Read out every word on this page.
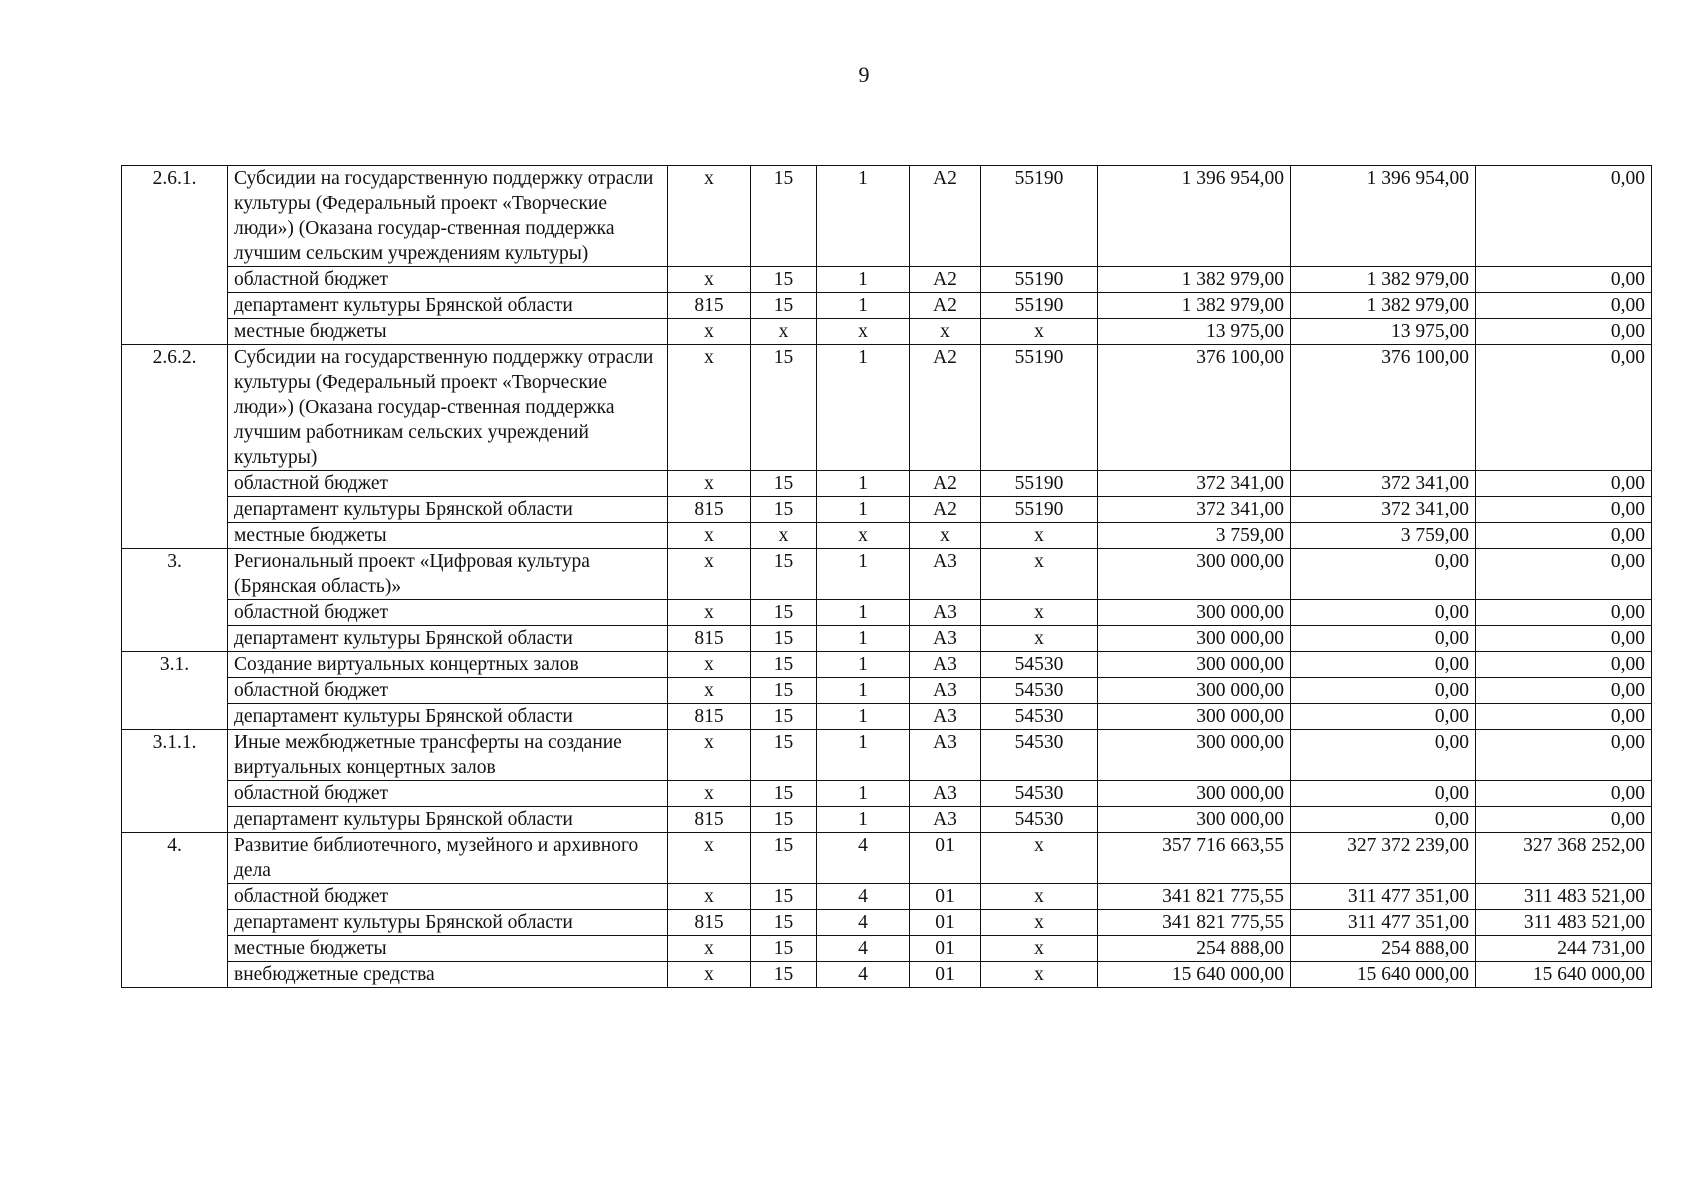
9
2.6.1.	Субсидии на государственную поддержку отрасли культуры (Федеральный проект «Творческие люди») (Оказана государ-ственная поддержка лучшим сельским учреждениям культуры)	х	15	1	А2	55190	1 396 954,00	1 396 954,00	0,00
	областной бюджет	х	15	1	А2	55190	1 382 979,00	1 382 979,00	0,00
	департамент культуры Брянской области	815	15	1	А2	55190	1 382 979,00	1 382 979,00	0,00
	местные бюджеты	х	х	х	х	х	13 975,00	13 975,00	0,00
2.6.2.	Субсидии на государственную поддержку отрасли культуры (Федеральный проект «Творческие люди») (Оказана государ-ственная поддержка лучшим работникам сельских учреждений культуры)	х	15	1	А2	55190	376 100,00	376 100,00	0,00
	областной бюджет	х	15	1	А2	55190	372 341,00	372 341,00	0,00
	департамент культуры Брянской области	815	15	1	А2	55190	372 341,00	372 341,00	0,00
	местные бюджеты	х	х	х	х	х	3 759,00	3 759,00	0,00
3.	Региональный проект «Цифровая культура (Брянская область)»	х	15	1	А3	х	300 000,00	0,00	0,00
	областной бюджет	х	15	1	А3	х	300 000,00	0,00	0,00
	департамент культуры Брянской области	815	15	1	А3	х	300 000,00	0,00	0,00
3.1.	Создание виртуальных концертных залов	х	15	1	А3	54530	300 000,00	0,00	0,00
	областной бюджет	х	15	1	А3	54530	300 000,00	0,00	0,00
	департамент культуры Брянской области	815	15	1	А3	54530	300 000,00	0,00	0,00
3.1.1.	Иные межбюджетные трансферты на создание виртуальных концертных залов	х	15	1	А3	54530	300 000,00	0,00	0,00
	областной бюджет	х	15	1	А3	54530	300 000,00	0,00	0,00
	департамент культуры Брянской области	815	15	1	А3	54530	300 000,00	0,00	0,00
4.	Развитие библиотечного, музейного и архивного дела	х	15	4	01	х	357 716 663,55	327 372 239,00	327 368 252,00
	областной бюджет	х	15	4	01	х	341 821 775,55	311 477 351,00	311 483 521,00
	департамент культуры Брянской области	815	15	4	01	х	341 821 775,55	311 477 351,00	311 483 521,00
	местные бюджеты	х	15	4	01	х	254 888,00	254 888,00	244 731,00
	внебюджетные средства	х	15	4	01	х	15 640 000,00	15 640 000,00	15 640 000,00
